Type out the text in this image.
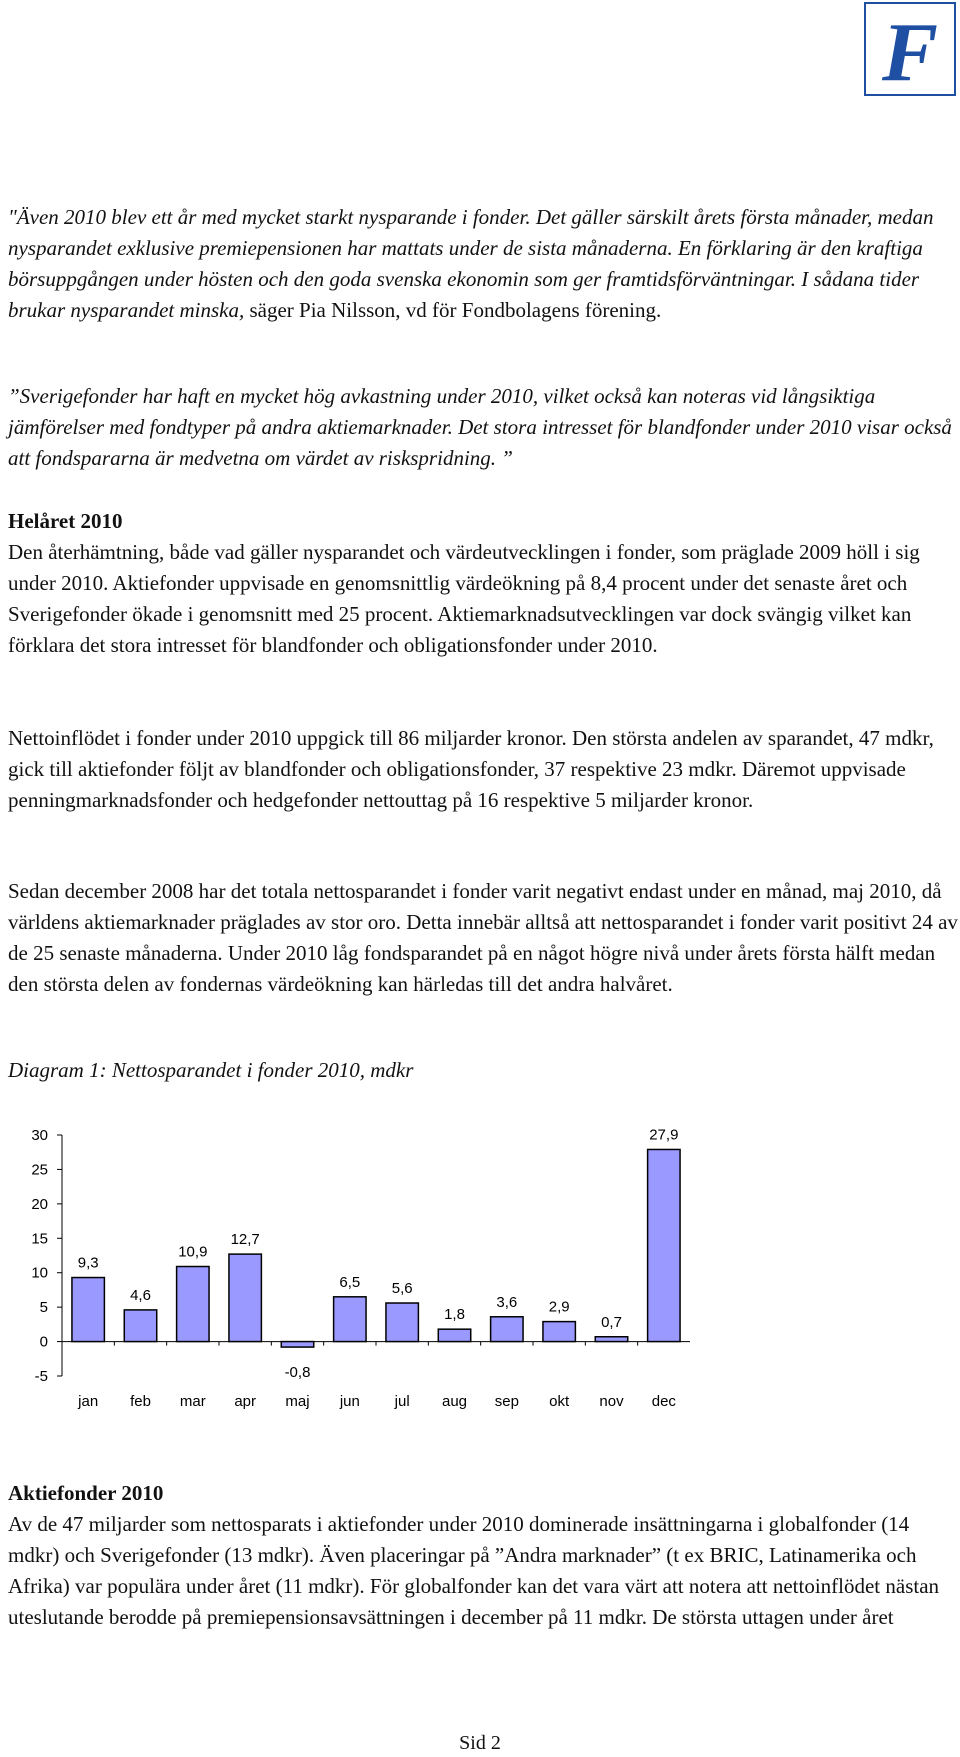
F

"Även 2010 blev ett år med mycket starkt nysparande i fonder. Det gäller särskilt årets första månader, medan nysparandet exklusive premiepensionen har mattats under de sista månaderna. En förklaring är den kraftiga börsuppgången under hösten och den goda svenska ekonomin som ger framtidsförväntningar. I sådana tider brukar nysparandet minska, säger Pia Nilsson, vd för Fondbolagens förening.

”Sverigefonder har haft en mycket hög avkastning under 2010, vilket också kan noteras vid långsiktiga jämförelser med fondtyper på andra aktiemarknader. Det stora intresset för blandfonder under 2010 visar också att fondspararna är medvetna om värdet av riskspridning. ”

Helåret 2010

Den återhämtning, både vad gäller nysparandet och värdeutvecklingen i fonder, som präglade 2009 höll i sig under 2010. Aktiefonder uppvisade en genomsnittlig värdeökning på 8,4 procent under det senaste året och Sverigefonder ökade i genomsnitt med 25 procent. Aktiemarknadsutvecklingen var dock svängig vilket kan förklara det stora intresset för blandfonder och obligationsfonder under 2010.

Nettoinflödet i fonder under 2010 uppgick till 86 miljarder kronor. Den största andelen av sparandet, 47 mdkr, gick till aktiefonder följt av blandfonder och obligationsfonder, 37 respektive 23 mdkr. Däremot uppvisade penningmarknadsfonder och hedgefonder nettouttag på 16 respektive 5 miljarder kronor.

Sedan december 2008 har det totala nettosparandet i fonder varit negativt endast under en månad, maj 2010, då världens aktiemarknader präglades av stor oro. Detta innebär alltså att nettosparandet i fonder varit positivt 24 av de 25 senaste månaderna. Under 2010 låg fondsparandet på en något högre nivå under årets första hälft medan den största delen av fondernas värdeökning kan härledas till det andra halvåret.

Diagram 1: Nettosparandet i fonder 2010, mdkr

30
25
20
15
10
5
0
-5
9,3
jan
4,6
feb
10,9
mar
12,7
apr
-0,8
maj
6,5
jun
5,6
jul
1,8
aug
3,6
sep
2,9
okt
0,7
nov
27,9
dec

Aktiefonder 2010

Av de 47 miljarder som nettosparats i aktiefonder under 2010 dominerade insättningarna i globalfonder (14 mdkr) och Sverigefonder (13 mdkr). Även placeringar på ”Andra marknader” (t ex BRIC, Latinamerika och Afrika) var populära under året (11 mdkr). För globalfonder kan det vara värt att notera att nettoinflödet nästan uteslutande berodde på premiepensionsavsättningen i december på 11 mdkr. De största uttagen under året

Sid 2
